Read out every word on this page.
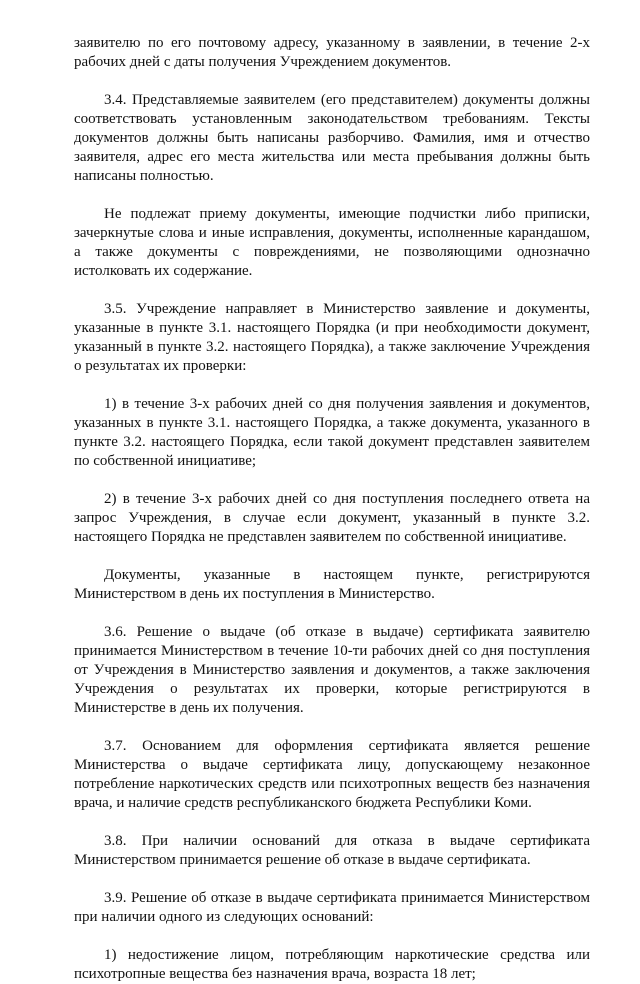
заявителю по его почтовому адресу, указанному в заявлении, в течение 2-х рабочих дней с даты получения Учреждением документов.

3.4. Представляемые заявителем (его представителем) документы должны соответствовать установленным законодательством требованиям. Тексты документов должны быть написаны разборчиво. Фамилия, имя и отчество заявителя, адрес его места жительства или места пребывания должны быть написаны полностью.

Не подлежат приему документы, имеющие подчистки либо приписки, зачеркнутые слова и иные исправления, документы, исполненные карандашом, а также документы с повреждениями, не позволяющими однозначно истолковать их содержание.

3.5. Учреждение направляет в Министерство заявление и документы, указанные в пункте 3.1. настоящего Порядка (и при необходимости документ, указанный в пункте 3.2. настоящего Порядка), а также заключение Учреждения о результатах их проверки:

1) в течение 3-х рабочих дней со дня получения заявления и документов, указанных в пункте 3.1. настоящего Порядка, а также документа, указанного в пункте 3.2. настоящего Порядка, если такой документ представлен заявителем по собственной инициативе;

2) в течение 3-х рабочих дней со дня поступления последнего ответа на запрос Учреждения, в случае если документ, указанный в пункте 3.2. настоящего Порядка не представлен заявителем по собственной инициативе.

Документы, указанные в настоящем пункте, регистрируются Министерством в день их поступления в Министерство.

3.6. Решение о выдаче (об отказе в выдаче) сертификата заявителю принимается Министерством в течение 10-ти рабочих дней со дня поступления от Учреждения в Министерство заявления и документов, а также заключения Учреждения о результатах их проверки, которые регистрируются в Министерстве в день их получения.

3.7. Основанием для оформления сертификата является решение Министерства о выдаче сертификата лицу, допускающему незаконное потребление наркотических средств или психотропных веществ без назначения врача, и наличие средств республиканского бюджета Республики Коми.

3.8. При наличии оснований для отказа в выдаче сертификата Министерством принимается решение об отказе в выдаче сертификата.

3.9. Решение об отказе в выдаче сертификата принимается Министерством при наличии одного из следующих оснований:

1) недостижение лицом, потребляющим наркотические средства или психотропные вещества без назначения врача, возраста 18 лет;
